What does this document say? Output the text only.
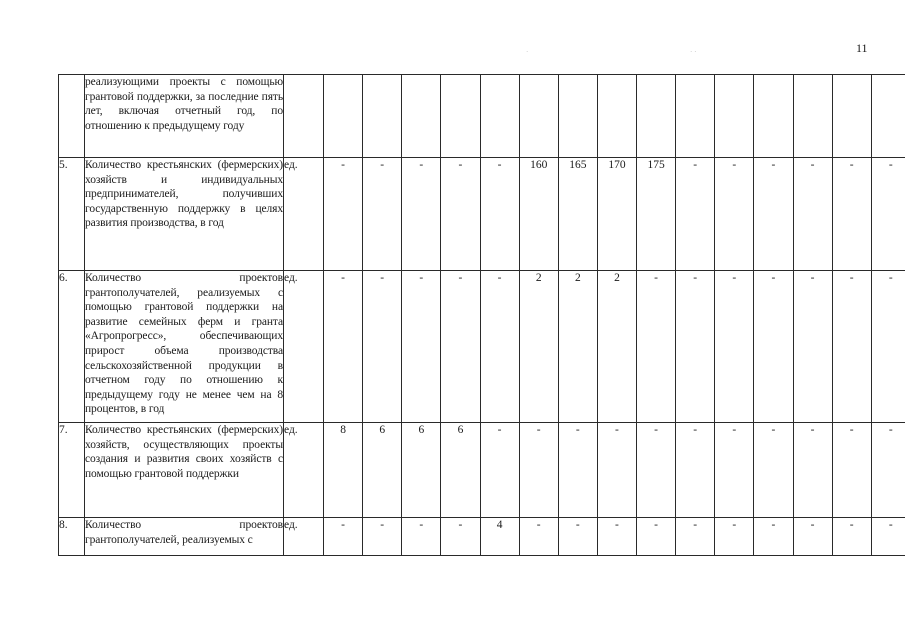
11
·	· ·
	реализующими проекты с помощью грантовой поддержки, за последние пять лет, включая отчетный год, по отношению к предыдущему году																
5.	Количество крестьянских (фермерских) хозяйств и индивидуальных предпринимателей, получивших государственную поддержку в целях развития производства, в год	ед.	-	-	-	-	-	160	165	170	175	-	-	-	-	-	-
6.	Количество проектов грантополучателей, реализуемых с помощью грантовой поддержки на развитие семейных ферм и гранта «Агропрогресс», обеспечивающих прирост объема производства сельскохозяйственной продукции в отчетном году по отношению к предыдущему году не менее чем на 8 процентов, в год	ед.	-	-	-	-	-	2	2	2	-	-	-	-	-	-	-
7.	Количество крестьянских (фермерских) хозяйств, осуществляющих проекты создания и развития своих хозяйств с помощью грантовой поддержки	ед.	8	6	6	6	-	-	-	-	-	-	-	-	-	-	-
8.	Количество проектов грантополучателей, реализуемых с	ед.	-	-	-	-	4	-	-	-	-	-	-	-	-	-	-
